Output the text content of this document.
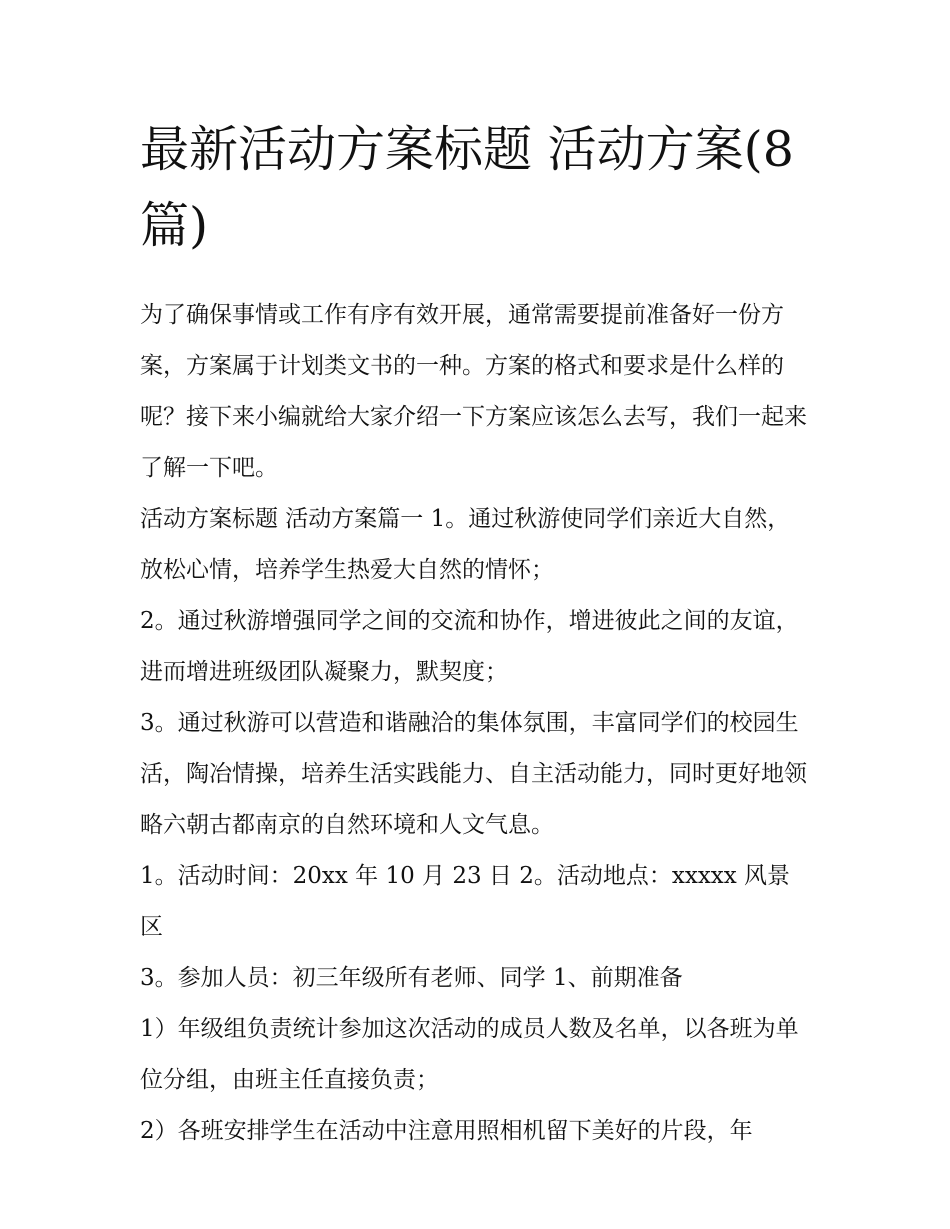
最新活动方案标题 活动方案(8篇)

为了确保事情或工作有序有效开展，通常需要提前准备好一份方案，方案属于计划类文书的一种。方案的格式和要求是什么样的呢？接下来小编就给大家介绍一下方案应该怎么去写，我们一起来了解一下吧。

活动方案标题 活动方案篇一 1。通过秋游使同学们亲近大自然，放松心情，培养学生热爱大自然的情怀；

2。通过秋游增强同学之间的交流和协作，增进彼此之间的友谊，进而增进班级团队凝聚力，默契度；

3。通过秋游可以营造和谐融洽的集体氛围，丰富同学们的校园生活，陶冶情操，培养生活实践能力、自主活动能力，同时更好地领略六朝古都南京的自然环境和人文气息。

1。活动时间：20xx 年 10 月 23 日 2。活动地点：xxxxx 风景区

3。参加人员：初三年级所有老师、同学 1、前期准备

1）年级组负责统计参加这次活动的成员人数及名单，以各班为单位分组，由班主任直接负责；

2）各班安排学生在活动中注意用照相机留下美好的片段，年
